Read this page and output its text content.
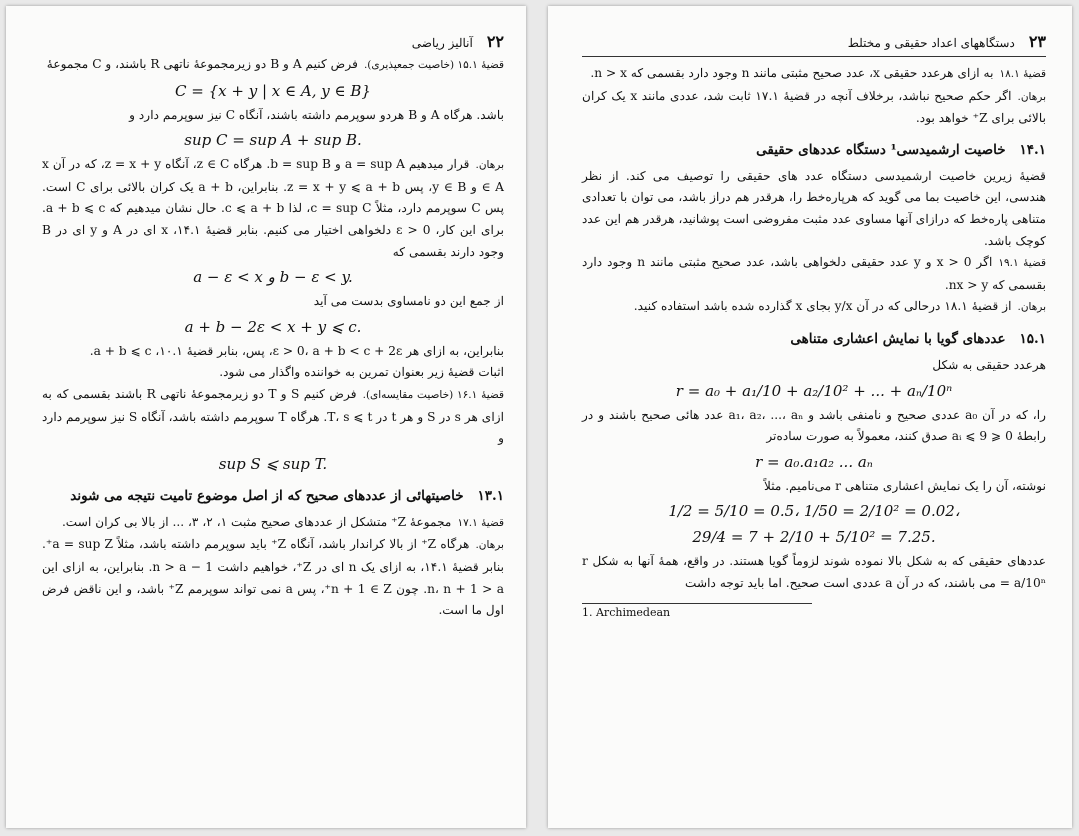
۲۲
آنالیز ریاضی

قضیهٔ ۱۵.۱ (خاصیت جمعپذیری).فرض کنیم A و B دو زیرمجموعهٔ ناتهی R باشند، و C مجموعهٔ

C = {x + y | x ∈ A, y ∈ B}

باشد. هرگاه A و B هردو سوپرمم داشته باشند، آنگاه C نیز سوپرمم دارد و

sup C = sup A + sup B.

برهان.قرار میدهیم a = sup A و b = sup B. هرگاه z ∈ C، آنگاه z = x + y، که در آن x ∈ A و y ∈ B، پس z = x + y ⩽ a + b. بنابراین، a + b یک کران بالائی برای C است. پس C سوپرمم دارد، مثلاً c = sup C، لذا c ⩽ a + b. حال نشان میدهیم که a + b ⩽ c. برای این کار، ε > 0 دلخواهی اختیار می کنیم. بنابر قضیهٔ ۱۴.۱، x ای در A و y ای در B وجود دارند بقسمی که

a − ε < x و b − ε < y.

از جمع این دو نامساوی بدست می آید

a + b − 2ε < x + y ⩽ c.

بنابراین، به ازای هر ε > 0، a + b < c + 2ε، پس، بنابر قضیهٔ ۱۰.۱، a + b ⩽ c.

اثبات قضیهٔ زیر بعنوان تمرین به خواننده واگذار می شود.

قضیهٔ ۱۶.۱ (خاصیت مقایسه‌ای).فرض کنیم S و T دو زیرمجموعهٔ ناتهی R باشند بقسمی که به ازای هر s در S و هر t در T، s ⩽ t. هرگاه T سوپرمم داشته باشد، آنگاه S نیز سوپرمم دارد و

sup S ⩽ sup T.
۱۳.۱خاصیتهائی از عددهای صحیح که از اصل موضوع تامیت نتیجه می شوند

قضیهٔ ۱۷.۱مجموعهٔ Z⁺ متشکل از عددهای صحیح مثبت ۱، ۲، ۳، ... از بالا بی کران است.

برهان.هرگاه Z⁺ از بالا کراندار باشد، آنگاه Z⁺ باید سوپرمم داشته باشد، مثلاً a = sup Z⁺. بنابر قضیهٔ ۱۴.۱، به ازای یک n ای در Z⁺، خواهیم داشت n > a − 1. بنابراین، به ازای این n، n + 1 > a. چون n + 1 ∈ Z⁺، پس a نمی تواند سوپرمم Z⁺ باشد، و این ناقض فرض اول ما است.

۲۳
دستگاههای اعداد حقیقی و مختلط

قضیهٔ ۱۸.۱به ازای هرعدد حقیقی x، عدد صحیح مثبتی مانند n وجود دارد بقسمی که n > x.

برهان.اگر حکم صحیح نباشد، برخلاف آنچه در قضیهٔ ۱۷.۱ ثابت شد، عددی مانند x یک کران بالائی برای Z⁺ خواهد بود.

۱۴.۱خاصیت ارشمیدسی¹ دستگاه عددهای حقیقی

قضیهٔ زیرین خاصیت ارشمیدسی دستگاه عدد های حقیقی را توصیف می کند. از نظر هندسی، این خاصیت بما می گوید که هرپاره‌خط را، هرقدر هم دراز باشد، می توان با تعدادی متناهی پاره‌خط که درازای آنها مساوی عدد مثبت مفروضی است پوشانید، هرقدر هم این عدد کوچک باشد.

قضیهٔ ۱۹.۱اگر x > 0 و y عدد حقیقی دلخواهی باشد، عدد صحیح مثبتی مانند n وجود دارد بقسمی که nx > y.

برهان.از قضیهٔ ۱۸.۱ درحالی که در آن y/x بجای x گذارده شده باشد استفاده کنید.

۱۵.۱عددهای گویا با نمایش اعشاری متناهی

هرعدد حقیقی به شکل

r = a₀ + a₁/10 + a₂/10² + ... + aₙ/10ⁿ

را، که در آن a₀ عددی صحیح و نامنفی باشد و a₁، a₂، ...، aₙ عدد هائی صحیح باشند و در رابطهٔ 0 ⩽ aᵢ ⩽ 9 صدق کنند، معمولاً به صورت ساده‌تر

r = a₀.a₁a₂ ... aₙ

نوشته، آن را یک نمایش اعشاری متناهی r می‌نامیم. مثلاً

1/2 = 5/10 = 0.5، 1/50 = 2/10² = 0.02،
29/4 = 7 + 2/10 + 5/10² = 7.25.

عددهای حقیقی که به شکل بالا نموده شوند لزوماً گویا هستند. در واقع، همهٔ آنها به شکل r = a/10ⁿ می باشند، که در آن a عددی است صحیح. اما باید توجه داشت

1. Archimedean
